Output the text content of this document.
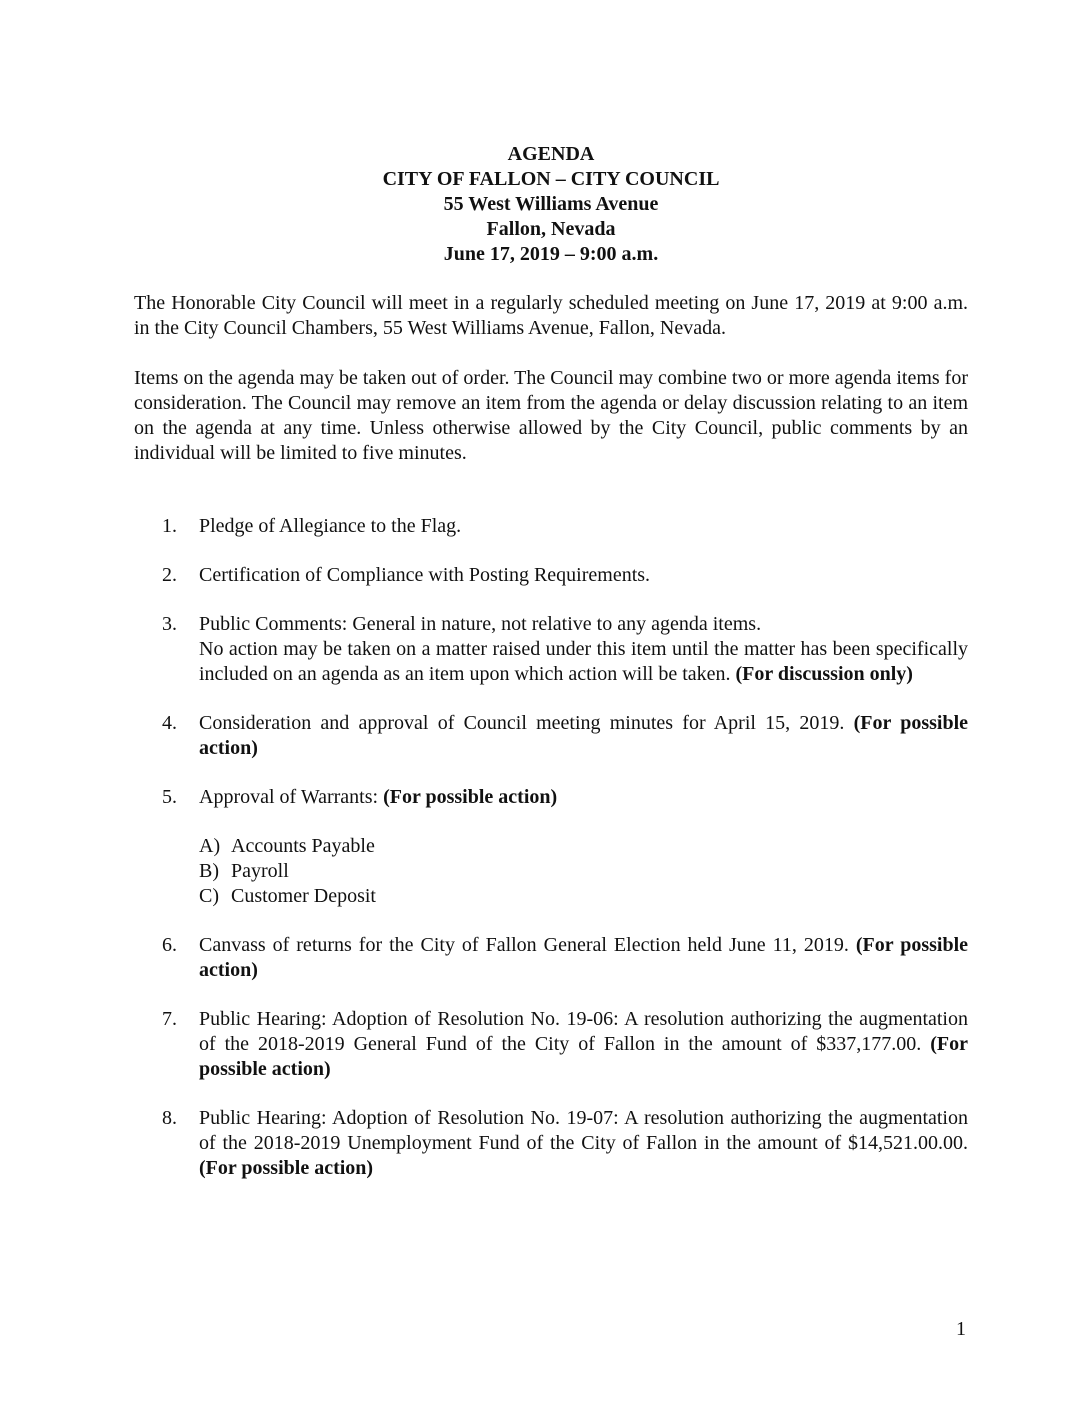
AGENDA
CITY OF FALLON – CITY COUNCIL
55 West Williams Avenue
Fallon, Nevada
June 17, 2019 – 9:00 a.m.
The Honorable City Council will meet in a regularly scheduled meeting on June 17, 2019 at 9:00 a.m. in the City Council Chambers, 55 West Williams Avenue, Fallon, Nevada.
Items on the agenda may be taken out of order. The Council may combine two or more agenda items for consideration. The Council may remove an item from the agenda or delay discussion relating to an item on the agenda at any time. Unless otherwise allowed by the City Council, public comments by an individual will be limited to five minutes.
1.	Pledge of Allegiance to the Flag.
2.	Certification of Compliance with Posting Requirements.
3.	Public Comments: General in nature, not relative to any agenda items.
No action may be taken on a matter raised under this item until the matter has been specifically included on an agenda as an item upon which action will be taken. (For discussion only)
4.	Consideration and approval of Council meeting minutes for April 15, 2019. (For possible action)
5.	Approval of Warrants: (For possible action)
A) Accounts Payable
B) Payroll
C) Customer Deposit
6.	Canvass of returns for the City of Fallon General Election held June 11, 2019. (For possible action)
7.	Public Hearing: Adoption of Resolution No. 19-06: A resolution authorizing the augmentation of the 2018-2019 General Fund of the City of Fallon in the amount of $337,177.00. (For possible action)
8.	Public Hearing: Adoption of Resolution No. 19-07: A resolution authorizing the augmentation of the 2018-2019 Unemployment Fund of the City of Fallon in the amount of $14,521.00.00. (For possible action)
1
